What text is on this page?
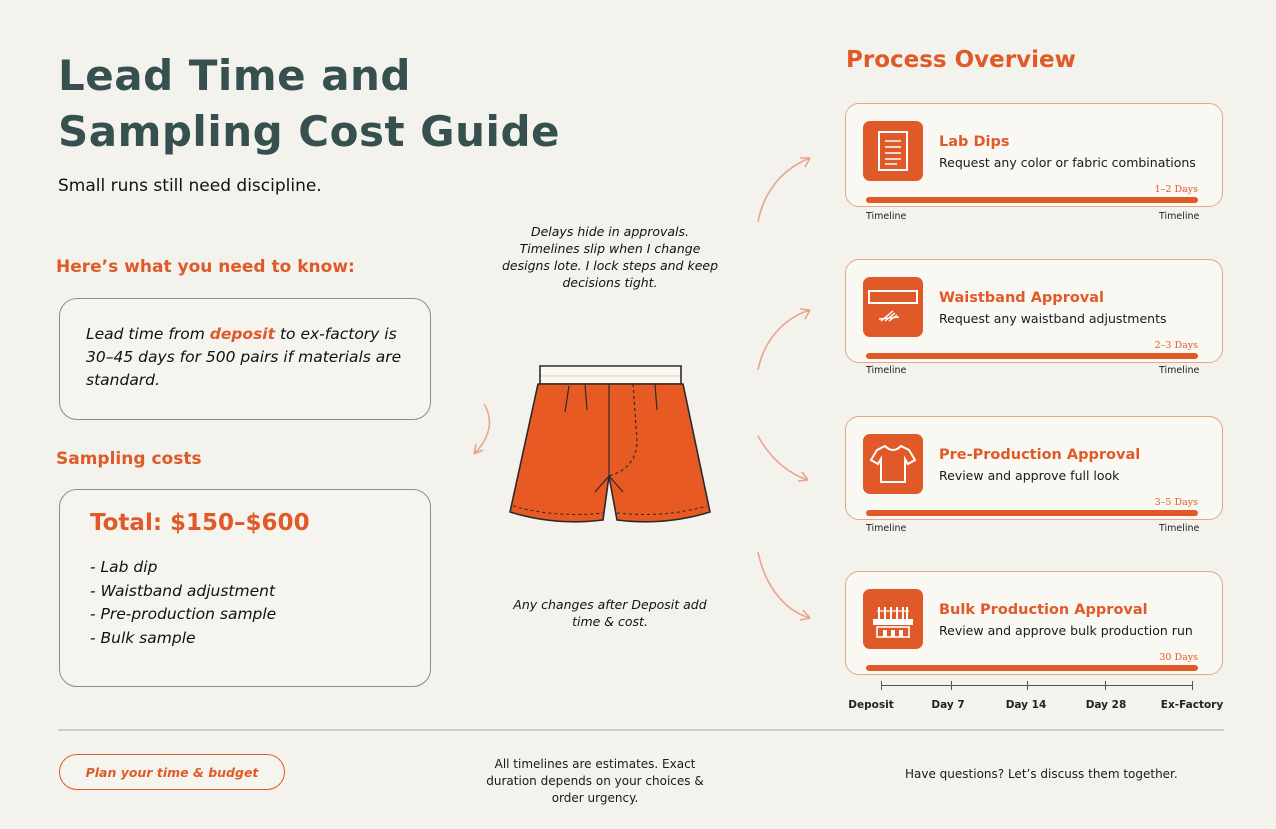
Lead Time and Sampling Cost Guide
Small runs still need discipline.
Here’s what you need to know:
Lead time from deposit to ex-factory is 30–45 days for 500 pairs if materials are standard.
Sampling costs
Total: $150–$600
- Lab dip
- Waistband adjustment
- Pre-production sample
- Bulk sample
Delays hide in approvals. Timelines slip when I change designs lote. I lock steps and keep decisions tight.
Any changes after Deposit add time & cost.
Process Overview
Lab Dips
Request any color or fabric combinations
1–2 Days
Timeline	Timeline
Waistband Approval
Request any waistband adjustments
2–3 Days
Timeline	Timeline
Pre-Production Approval
Review and approve full look
3–5 Days
Timeline	Timeline
Bulk Production Approval
Review and approve bulk production run
30 Days
Deposit	Day 7	Day 14	Day 28	Ex-Factory
Plan your time & budget
All timelines are estimates. Exact duration depends on your choices & order urgency.
Have questions? Let’s discuss them together.
